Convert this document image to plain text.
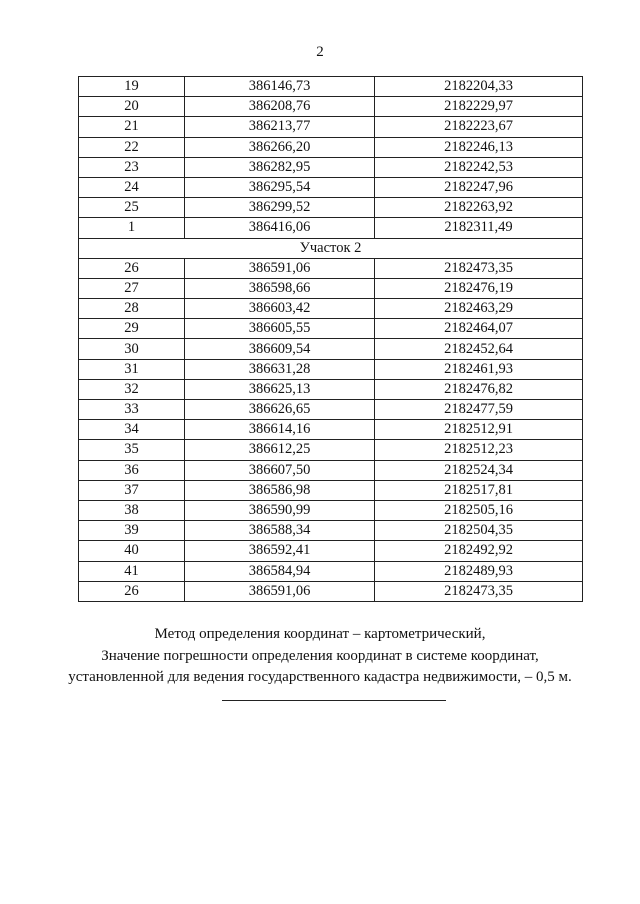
2
19	386146,73	2182204,33
20	386208,76	2182229,97
21	386213,77	2182223,67
22	386266,20	2182246,13
23	386282,95	2182242,53
24	386295,54	2182247,96
25	386299,52	2182263,92
1	386416,06	2182311,49
Участок 2		
26	386591,06	2182473,35
27	386598,66	2182476,19
28	386603,42	2182463,29
29	386605,55	2182464,07
30	386609,54	2182452,64
31	386631,28	2182461,93
32	386625,13	2182476,82
33	386626,65	2182477,59
34	386614,16	2182512,91
35	386612,25	2182512,23
36	386607,50	2182524,34
37	386586,98	2182517,81
38	386590,99	2182505,16
39	386588,34	2182504,35
40	386592,41	2182492,92
41	386584,94	2182489,93
26	386591,06	2182473,35

Метод определения координат – картометрический,

Значение погрешности определения координат в системе координат,

установленной для ведения государственного кадастра недвижимости, – 0,5 м.
